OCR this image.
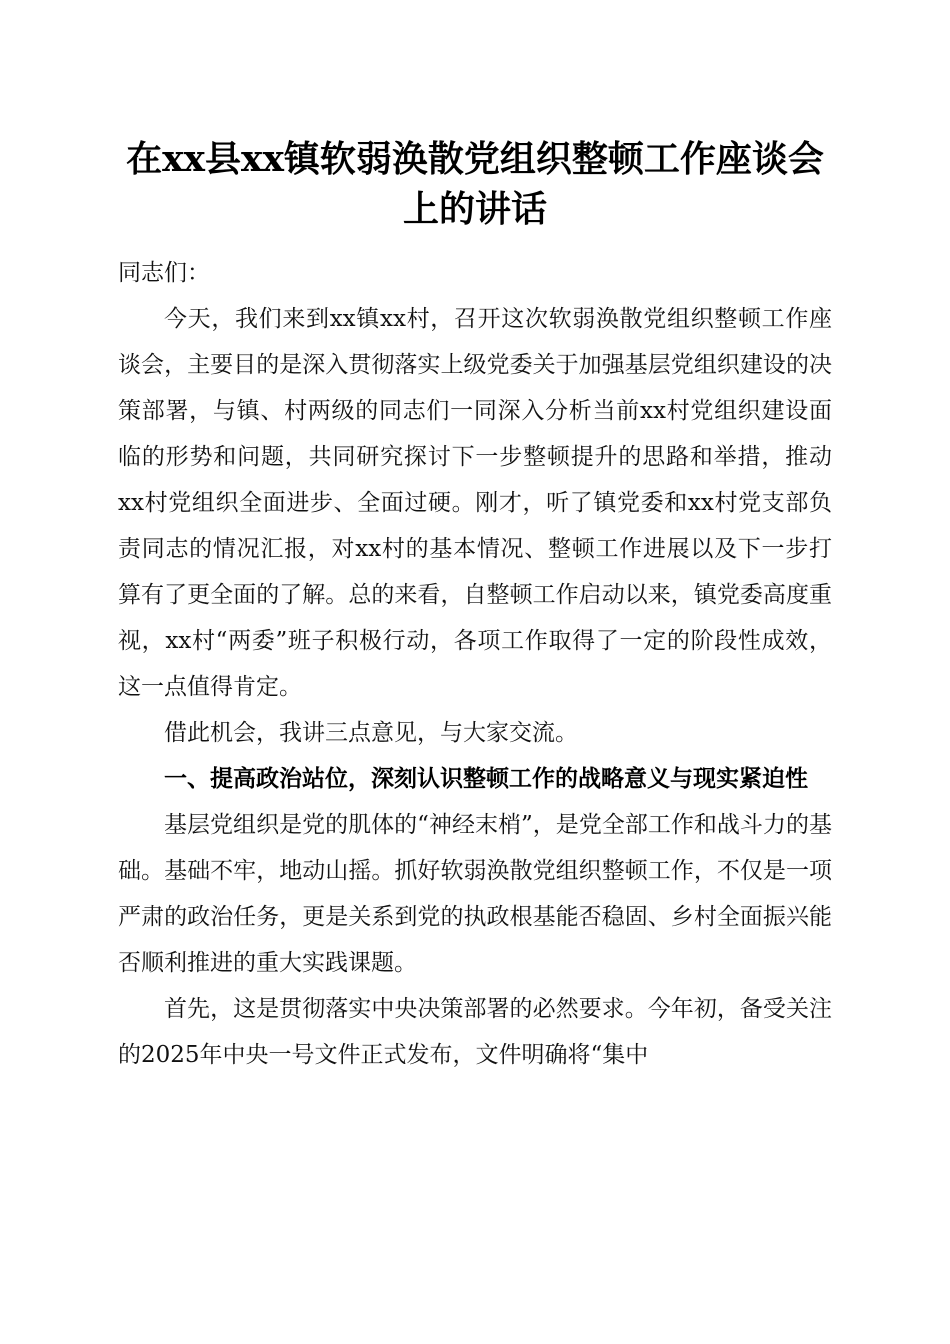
在xx县xx镇软弱涣散党组织整顿工作座谈会
上的讲话

同志们：

今天，我们来到xx镇xx村，召开这次软弱涣散党组织整顿工作座谈会，主要目的是深入贯彻落实上级党委关于加强基层党组织建设的决策部署，与镇、村两级的同志们一同深入分析当前xx村党组织建设面临的形势和问题，共同研究探讨下一步整顿提升的思路和举措，推动xx村党组织全面进步、全面过硬。刚才，听了镇党委和xx村党支部负责同志的情况汇报，对xx村的基本情况、整顿工作进展以及下一步打算有了更全面的了解。总的来看，自整顿工作启动以来，镇党委高度重视，xx村“两委”班子积极行动，各项工作取得了一定的阶段性成效，这一点值得肯定。

借此机会，我讲三点意见，与大家交流。

一、提高政治站位，深刻认识整顿工作的战略意义与现实紧迫性

基层党组织是党的肌体的“神经末梢”，是党全部工作和战斗力的基础。基础不牢，地动山摇。抓好软弱涣散党组织整顿工作，不仅是一项严肃的政治任务，更是关系到党的执政根基能否稳固、乡村全面振兴能否顺利推进的重大实践课题。

首先，这是贯彻落实中央决策部署的必然要求。今年初，备受关注的2025年中央一号文件正式发布，文件明确将“集中
